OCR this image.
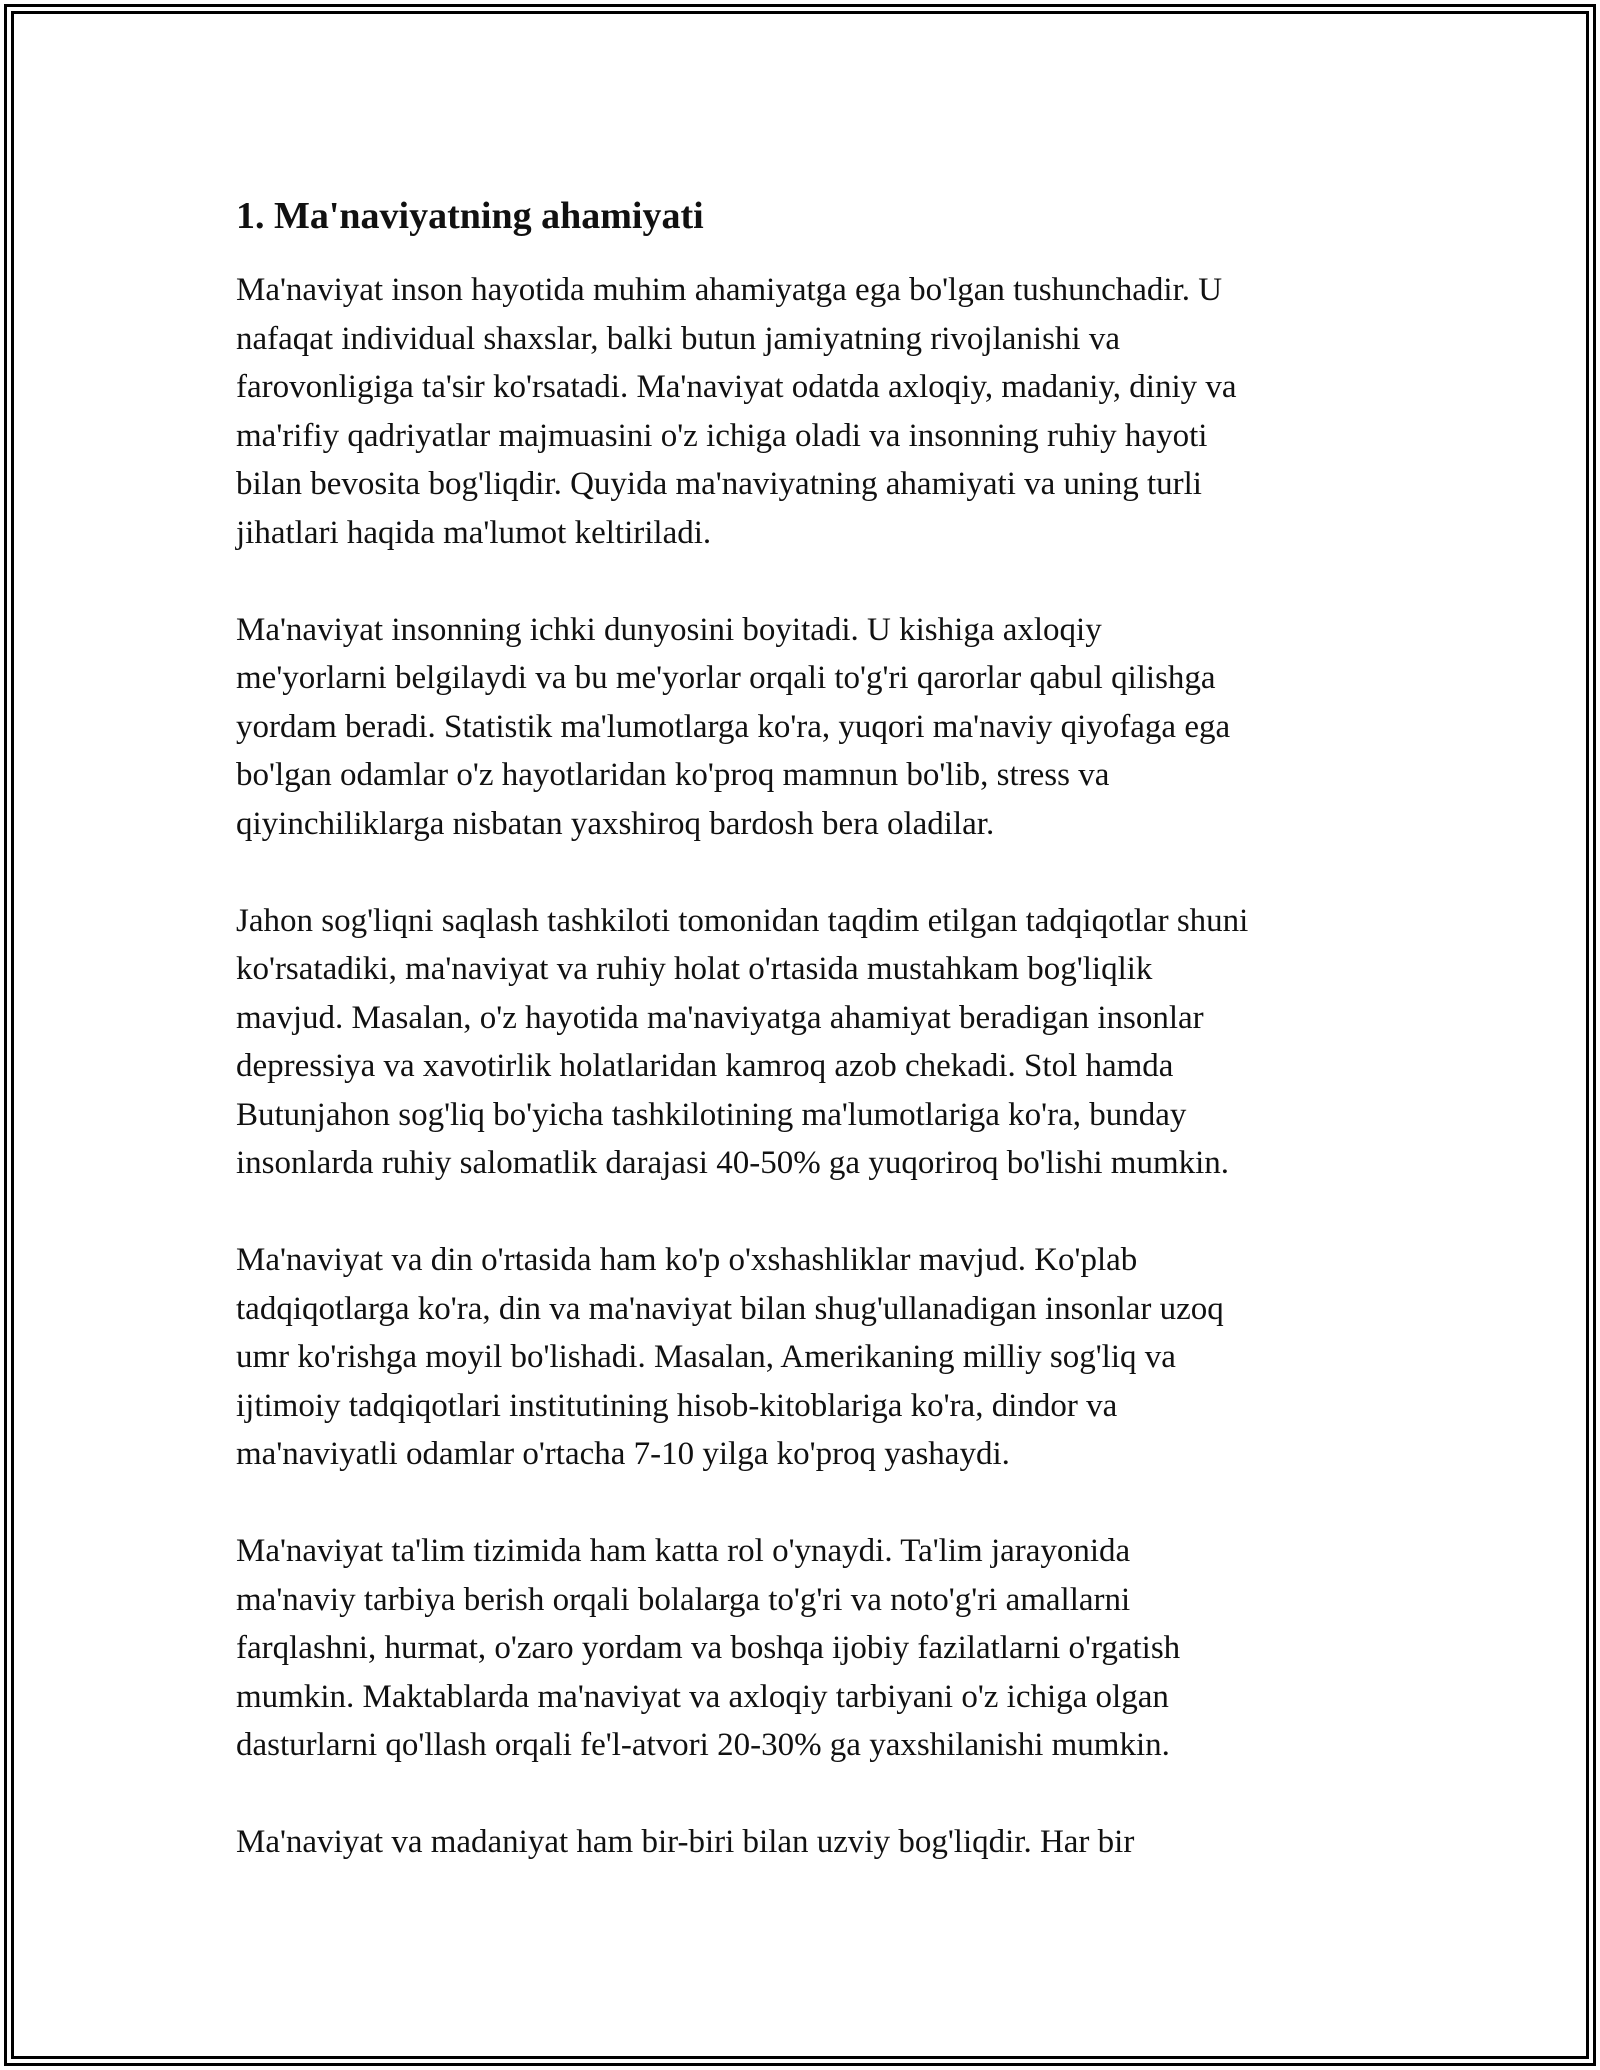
1. Ma'naviyatning ahamiyati

Ma'naviyat inson hayotida muhim ahamiyatga ega bo'lgan tushunchadir. U
nafaqat individual shaxslar, balki butun jamiyatning rivojlanishi va
farovonligiga ta'sir ko'rsatadi. Ma'naviyat odatda axloqiy, madaniy, diniy va
ma'rifiy qadriyatlar majmuasini o'z ichiga oladi va insonning ruhiy hayoti
bilan bevosita bog'liqdir. Quyida ma'naviyatning ahamiyati va uning turli
jihatlari haqida ma'lumot keltiriladi.

Ma'naviyat insonning ichki dunyosini boyitadi. U kishiga axloqiy
me'yorlarni belgilaydi va bu me'yorlar orqali to'g'ri qarorlar qabul qilishga
yordam beradi. Statistik ma'lumotlarga ko'ra, yuqori ma'naviy qiyofaga ega
bo'lgan odamlar o'z hayotlaridan ko'proq mamnun bo'lib, stress va
qiyinchiliklarga nisbatan yaxshiroq bardosh bera oladilar.

Jahon sog'liqni saqlash tashkiloti tomonidan taqdim etilgan tadqiqotlar shuni
ko'rsatadiki, ma'naviyat va ruhiy holat o'rtasida mustahkam bog'liqlik
mavjud. Masalan, o'z hayotida ma'naviyatga ahamiyat beradigan insonlar
depressiya va xavotirlik holatlaridan kamroq azob chekadi. Stol hamda
Butunjahon sog'liq bo'yicha tashkilotining ma'lumotlariga ko'ra, bunday
insonlarda ruhiy salomatlik darajasi 40-50% ga yuqoriroq bo'lishi mumkin.

Ma'naviyat va din o'rtasida ham ko'p o'xshashliklar mavjud. Ko'plab
tadqiqotlarga ko'ra, din va ma'naviyat bilan shug'ullanadigan insonlar uzoq
umr ko'rishga moyil bo'lishadi. Masalan, Amerikaning milliy sog'liq va
ijtimoiy tadqiqotlari institutining hisob-kitoblariga ko'ra, dindor va
ma'naviyatli odamlar o'rtacha 7-10 yilga ko'proq yashaydi.

Ma'naviyat ta'lim tizimida ham katta rol o'ynaydi. Ta'lim jarayonida
ma'naviy tarbiya berish orqali bolalarga to'g'ri va noto'g'ri amallarni
farqlashni, hurmat, o'zaro yordam va boshqa ijobiy fazilatlarni o'rgatish
mumkin. Maktablarda ma'naviyat va axloqiy tarbiyani o'z ichiga olgan
dasturlarni qo'llash orqali fe'l-atvori 20-30% ga yaxshilanishi mumkin.

Ma'naviyat va madaniyat ham bir-biri bilan uzviy bog'liqdir. Har bir
